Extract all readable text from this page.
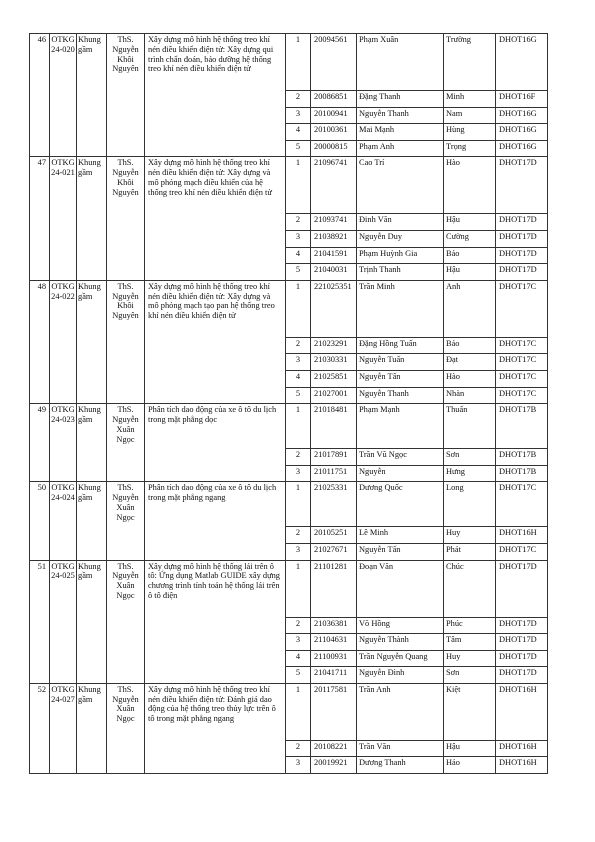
46	OTKG 24-020	Khung gầm	ThS. Nguyễn Khôi Nguyên	Xây dựng mô hình hệ thống treo khí nén điều khiển điện tử: Xây dựng qui trình chẩn đoán, bảo dưỡng hệ thống treo khí nén điều khiển điện tử	1	20094561	Phạm Xuân	Trường	DHOT16G
					2	20086851	Đặng Thanh	Minh	DHOT16F
					3	20100941	Nguyễn Thanh	Nam	DHOT16G
					4	20100361	Mai Mạnh	Hùng	DHOT16G
					5	20000815	Phạm Anh	Trọng	DHOT16G
47	OTKG 24-021	Khung gầm	ThS. Nguyễn Khôi Nguyên	Xây dựng mô hình hệ thống treo khí nén điều khiển điện tử: Xây dựng và mô phỏng mạch điều khiển của hệ thống treo khí nén điều khiển điện tử	1	21096741	Cao Trí	Hào	DHOT17D
					2	21093741	Đinh Văn	Hậu	DHOT17D
					3	21038921	Nguyễn Duy	Cường	DHOT17D
					4	21041591	Phạm Huỳnh Gia	Bảo	DHOT17D
					5	21040031	Trịnh Thanh	Hậu	DHOT17D
48	OTKG 24-022	Khung gầm	ThS. Nguyễn Khôi Nguyên	Xây dựng mô hình hệ thống treo khí nén điều khiển điện tử: Xây dựng và mô phỏng mạch tạo pan hệ thống treo khí nén điều khiển điện tử	1	221025351	Trần Minh	Anh	DHOT17C
					2	21023291	Đặng Hồng Tuấn	Bảo	DHOT17C
					3	21030331	Nguyễn Tuấn	Đạt	DHOT17C
					4	21025851	Nguyễn Tấn	Hào	DHOT17C
					5	21027001	Nguyễn Thanh	Nhàn	DHOT17C
49	OTKG 24-023	Khung gầm	ThS. Nguyễn Xuân Ngọc	Phân tích dao động của xe ô tô du lịch trong mặt phẳng dọc	1	21018481	Phạm Mạnh	Thuấn	DHOT17B
					2	21017891	Trần Vũ Ngọc	Sơn	DHOT17B
					3	21011751	Nguyễn	Hưng	DHOT17B
50	OTKG 24-024	Khung gầm	ThS. Nguyễn Xuân Ngọc	Phân tích dao động của xe ô tô du lịch trong mặt phẳng ngang	1	21025331	Dương Quốc	Long	DHOT17C
					2	20105251	Lê Minh	Huy	DHOT16H
					3	21027671	Nguyễn Tấn	Phát	DHOT17C
51	OTKG 24-025	Khung gầm	ThS. Nguyễn Xuân Ngọc	Xây dựng mô hình hệ thống lái trên ô tô: Ứng dụng Matlab GUIDE xây dựng chương trình tính toán hệ thống lái trên ô tô điện	1	21101281	Đoạn Văn	Chúc	DHOT17D
					2	21036381	Võ Hồng	Phúc	DHOT17D
					3	21104631	Nguyễn Thành	Tâm	DHOT17D
					4	21100931	Trần Nguyễn Quang	Huy	DHOT17D
					5	21041711	Nguyễn Đình	Sơn	DHOT17D
52	OTKG 24-027	Khung gầm	ThS. Nguyễn Xuân Ngọc	Xây dựng mô hình hệ thống treo khí nén điều khiển điện tử: Đánh giá dao động của hệ thống treo thủy lực trên ô tô trong mặt phẳng ngang	1	20117581	Trần Anh	Kiệt	DHOT16H
					2	20108221	Trần Văn	Hậu	DHOT16H
					3	20019921	Dương Thanh	Hảo	DHOT16H
